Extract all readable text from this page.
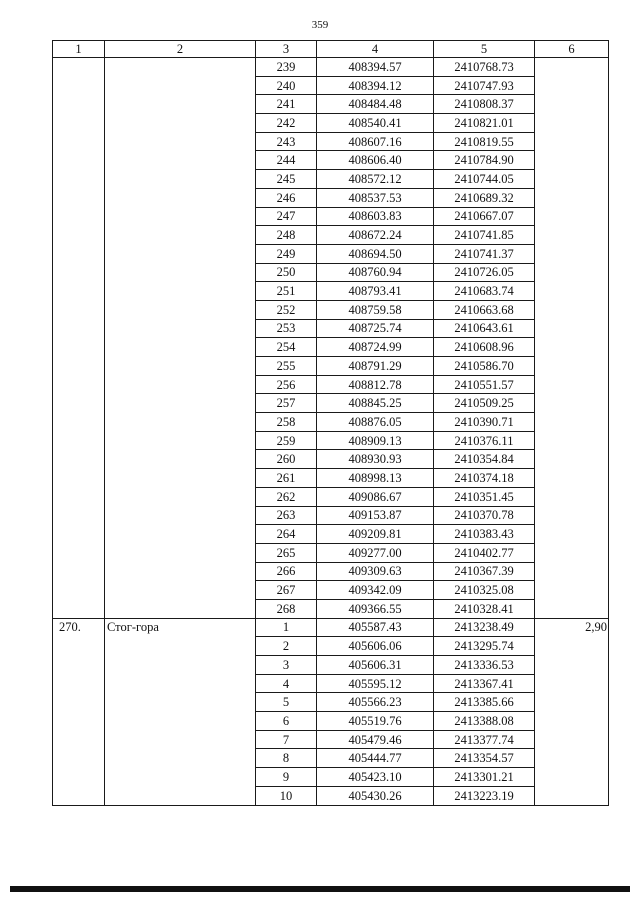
359
1	2	3	4	5	6
		239	408394.57	2410768.73	
		240	408394.12	2410747.93	
		241	408484.48	2410808.37	
		242	408540.41	2410821.01	
		243	408607.16	2410819.55	
		244	408606.40	2410784.90	
		245	408572.12	2410744.05	
		246	408537.53	2410689.32	
		247	408603.83	2410667.07	
		248	408672.24	2410741.85	
		249	408694.50	2410741.37	
		250	408760.94	2410726.05	
		251	408793.41	2410683.74	
		252	408759.58	2410663.68	
		253	408725.74	2410643.61	
		254	408724.99	2410608.96	
		255	408791.29	2410586.70	
		256	408812.78	2410551.57	
		257	408845.25	2410509.25	
		258	408876.05	2410390.71	
		259	408909.13	2410376.11	
		260	408930.93	2410354.84	
		261	408998.13	2410374.18	
		262	409086.67	2410351.45	
		263	409153.87	2410370.78	
		264	409209.81	2410383.43	
		265	409277.00	2410402.77	
		266	409309.63	2410367.39	
		267	409342.09	2410325.08	
		268	409366.55	2410328.41	
270.	Стог-гора	1	405587.43	2413238.49	2,90
		2	405606.06	2413295.74	
		3	405606.31	2413336.53	
		4	405595.12	2413367.41	
		5	405566.23	2413385.66	
		6	405519.76	2413388.08	
		7	405479.46	2413377.74	
		8	405444.77	2413354.57	
		9	405423.10	2413301.21	
		10	405430.26	2413223.19	
